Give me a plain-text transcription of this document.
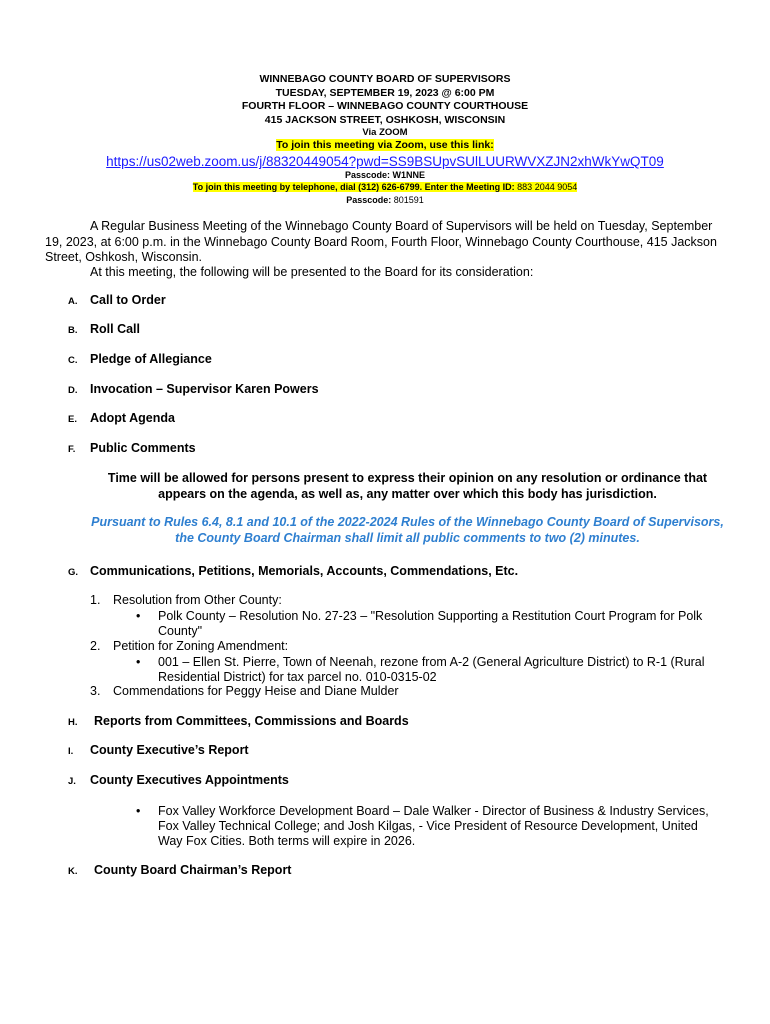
WINNEBAGO COUNTY BOARD OF SUPERVISORS
TUESDAY, SEPTEMBER 19, 2023 @ 6:00 PM
FOURTH FLOOR – WINNEBAGO COUNTY COURTHOUSE
415 JACKSON STREET, OSHKOSH, WISCONSIN
Via ZOOM
To join this meeting via Zoom, use this link:
https://us02web.zoom.us/j/88320449054?pwd=SS9BSUpvSUlLUURWVXZJN2xhWkYwQT09
Passcode: W1NNE
To join this meeting by telephone, dial (312) 626-6799. Enter the Meeting ID: 883 2044 9054
Passcode: 801591
A Regular Business Meeting of the Winnebago County Board of Supervisors will be held on Tuesday, September 19, 2023, at 6:00 p.m. in the Winnebago County Board Room, Fourth Floor, Winnebago County Courthouse, 415 Jackson Street, Oshkosh, Wisconsin.
At this meeting, the following will be presented to the Board for its consideration:
A. Call to Order
B. Roll Call
C. Pledge of Allegiance
D. Invocation – Supervisor Karen Powers
E. Adopt Agenda
F. Public Comments
Time will be allowed for persons present to express their opinion on any resolution or ordinance that appears on the agenda, as well as, any matter over which this body has jurisdiction.
Pursuant to Rules 6.4, 8.1 and 10.1 of the 2022-2024 Rules of the Winnebago County Board of Supervisors, the County Board Chairman shall limit all public comments to two (2) minutes.
G. Communications, Petitions, Memorials, Accounts, Commendations, Etc.
1.	Resolution from Other County:
• Polk County – Resolution No. 27-23 – "Resolution Supporting a Restitution Court Program for Polk County"
2.	Petition for Zoning Amendment:
• 001 – Ellen St. Pierre, Town of Neenah, rezone from A-2 (General Agriculture District) to R-1 (Rural Residential District) for tax parcel no. 010-0315-02
3.	Commendations for Peggy Heise and Diane Mulder
H. Reports from Committees, Commissions and Boards
I. County Executive’s Report
J. County Executives Appointments
• Fox Valley Workforce Development Board – Dale Walker - Director of Business & Industry Services, Fox Valley Technical College; and Josh Kilgas, - Vice President of Resource Development, United Way Fox Cities. Both terms will expire in 2026.
K. County Board Chairman’s Report
